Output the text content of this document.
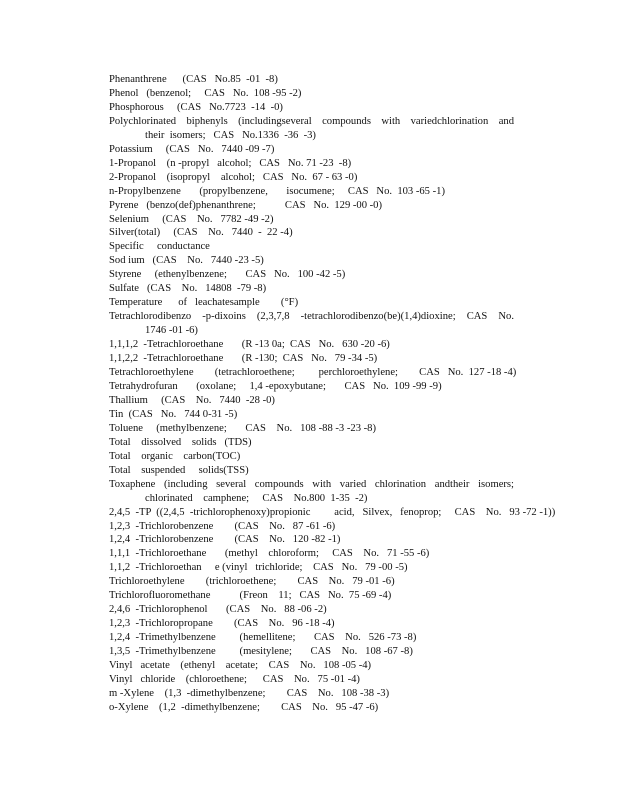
Phenanthrene      (CAS   No.85  -01  -8)
Phenol   (benzenol;     CAS   No.  108 -95 -2)
Phosphorous     (CAS   No.7723  -14  -0)
Polychlorinated biphenyls (includingseveral compounds with variedchlorination and
their  isomers;   CAS   No.1336  -36  -3)
Potassium     (CAS   No.   7440 -09 -7)
1-Propanol    (n -propyl   alcohol;   CAS   No. 71 -23  -8)
2-Propanol    (isopropyl    alcohol;   CAS   No.  67 - 63 -0)
n-Propylbenzene       (propylbenzene,       isocumene;     CAS   No.  103 -65 -1)
Pyrene   (benzo(def)phenanthrene;           CAS   No.  129 -00 -0)
Selenium     (CAS    No.   7782 -49 -2)
Silver(total)     (CAS    No.   7440  -  22 -4)
Specific     conductance
Sod ium   (CAS    No.   7440 -23 -5)
Styrene     (ethenylbenzene;       CAS   No.   100 -42 -5)
Sulfate   (CAS    No.   14808  -79 -8)
Temperature      of   leachatesample        (°F)
Tetrachlorodibenzo -p-dixoins (2,3,7,8 -tetrachlorodibenzo(be)(1,4)dioxine; CAS No.
1746 -01 -6)
1,1,1,2  -Tetrachloroethane       (R -13 0a;  CAS   No.   630 -20 -6)
1,1,2,2  -Tetrachloroethane       (R -130;  CAS   No.   79 -34 -5)
Tetrachloroethylene        (tetrachloroethene;         perchloroethylene;        CAS   No.  127 -18 -4)
Tetrahydrofuran       (oxolane;     1,4 -epoxybutane;       CAS   No.  109 -99 -9)
Thallium     (CAS    No.   7440  -28 -0)
Tin  (CAS   No.   744 0-31 -5)
Toluene     (methylbenzene;       CAS    No.   108 -88 -3 -23 -8)
Total    dissolved    solids   (TDS)
Total    organic    carbon(TOC)
Total    suspended     solids(TSS)
Toxaphene (including several compounds with varied chlorination andtheir isomers;
chlorinated    camphene;     CAS    No.800  1-35  -2)
2,4,5  -TP  ((2,4,5  -trichlorophenoxy)propionic         acid,   Silvex,   fenoprop;     CAS    No.   93 -72 -1))
1,2,3  -Trichlorobenzene        (CAS    No.   87 -61 -6)
1,2,4  -Trichlorobenzene        (CAS    No.   120 -82 -1)
1,1,1  -Trichloroethane       (methyl    chloroform;     CAS    No.   71 -55 -6)
1,1,2  -Trichloroethan     e (vinyl   trichloride;    CAS   No.   79 -00 -5)
Trichloroethylene        (trichloroethene;        CAS    No.   79 -01 -6)
Trichlorofluoromethane           (Freon    11;   CAS   No.  75 -69 -4)
2,4,6  -Trichlorophenol       (CAS    No.   88 -06 -2)
1,2,3  -Trichloropropane        (CAS    No.   96 -18 -4)
1,2,4  -Trimethylbenzene         (hemellitene;       CAS    No.   526 -73 -8)
1,3,5  -Trimethylbenzene         (mesitylene;       CAS    No.   108 -67 -8)
Vinyl   acetate    (ethenyl    acetate;    CAS    No.   108 -05 -4)
Vinyl   chloride    (chloroethene;      CAS    No.   75 -01 -4)
m -Xylene    (1,3  -dimethylbenzene;        CAS    No.   108 -38 -3)
o-Xylene    (1,2  -dimethylbenzene;        CAS    No.   95 -47 -6)
